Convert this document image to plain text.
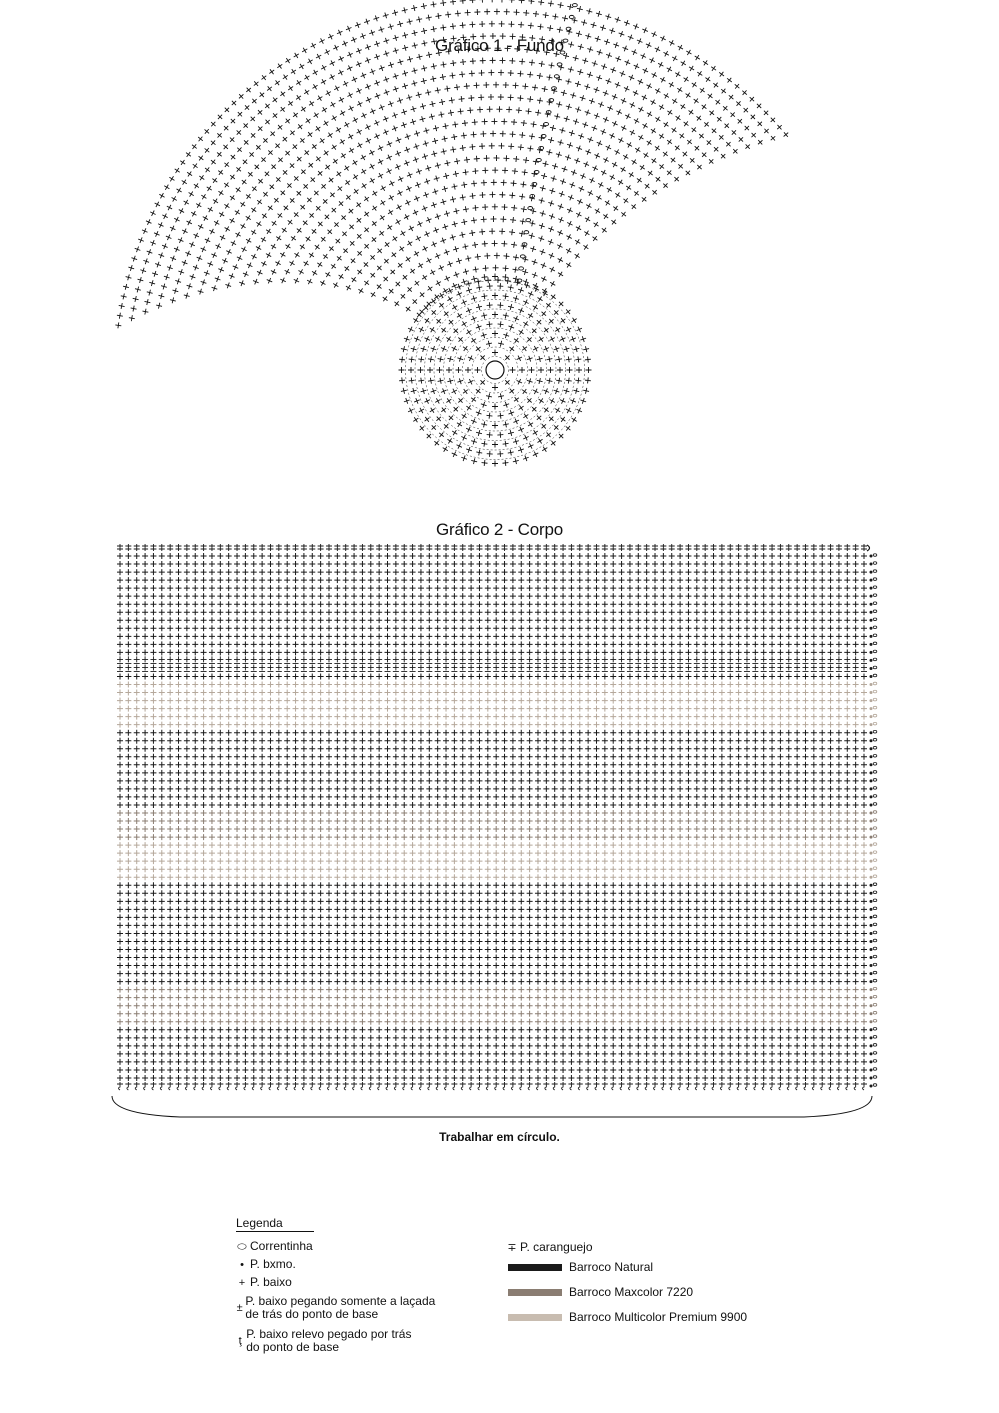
Gráfico 1 - Fundo
Gráfico 2 - Corpo
Trabalhar em círculo.
Legenda
⬭ Correntinha
• P. bxmo.
+ P. baixo
± P. baixo pegando somente a laçada de trás do ponto de base
ţ P. baixo relevo pegado por trás do ponto de base
∓ P. caranguejo
Barroco Natural
Barroco Maxcolor 7220
Barroco Multicolor Premium 9900
